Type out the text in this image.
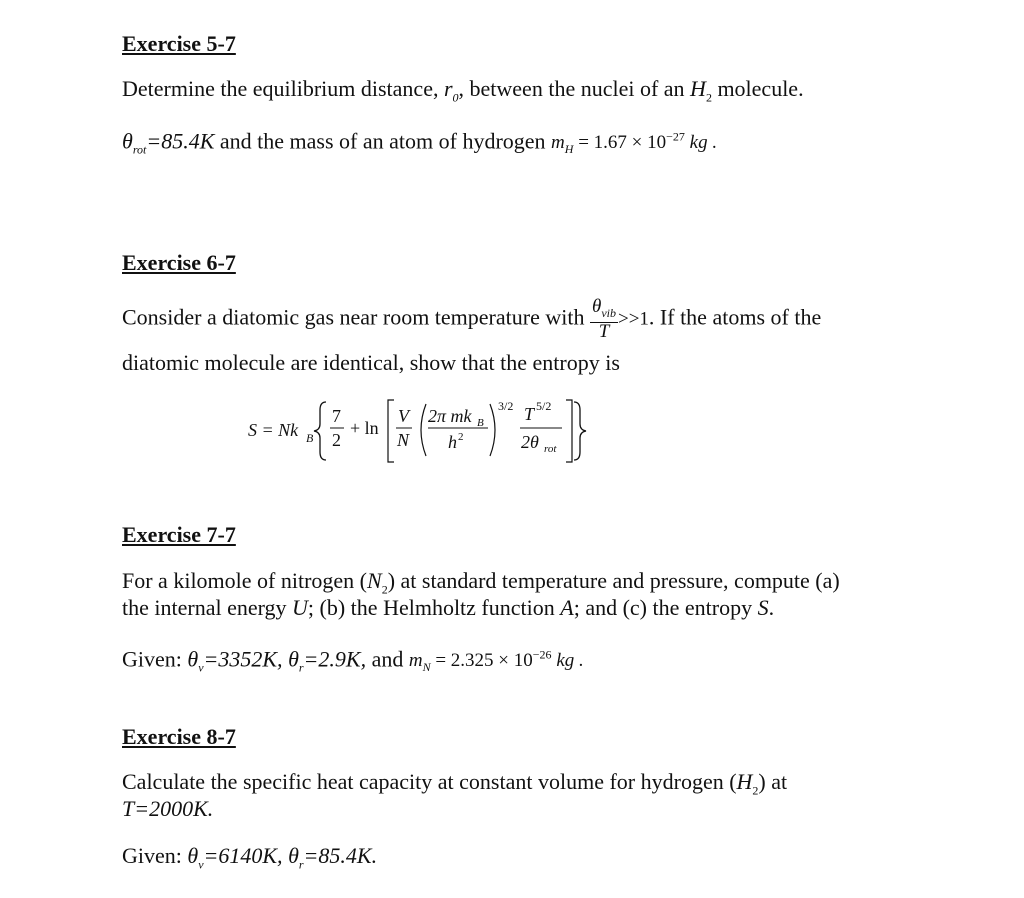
Exercise 5-7
Determine the equilibrium distance, $r_0$, between the nuclei of an $H_2$ molecule.
$\theta_{rot}=85.4K$ and the mass of an atom of hydrogen $m_H = 1.67 \times 10^{-27}$ kg .
Exercise 6-7
Consider a diatomic gas near room temperature with $\frac{\theta_{vib}}{T} >>1$. If the atoms of the
diatomic molecule are identical, show that the entropy is
S = Nk B
7
2
+ ln
V
N
2π mk B
h 2
3/2 T 5/2
2θ rot
Exercise 7-7
For a kilomole of nitrogen $(N_2)$ at standard temperature and pressure, compute (a)
the internal energy U; (b) the Helmholtz function A; and (c) the entropy S.
Given: $\theta_v=3352K$, $\theta_r=2.9K$, and $m_N = 2.325 \times 10^{-26}$ kg .
Exercise 8-7
Calculate the specific heat capacity at constant volume for hydrogen $(H_2)$ at
T=2000K.
Given: $\theta_v=6140K$, $\theta_r=85.4K$.
